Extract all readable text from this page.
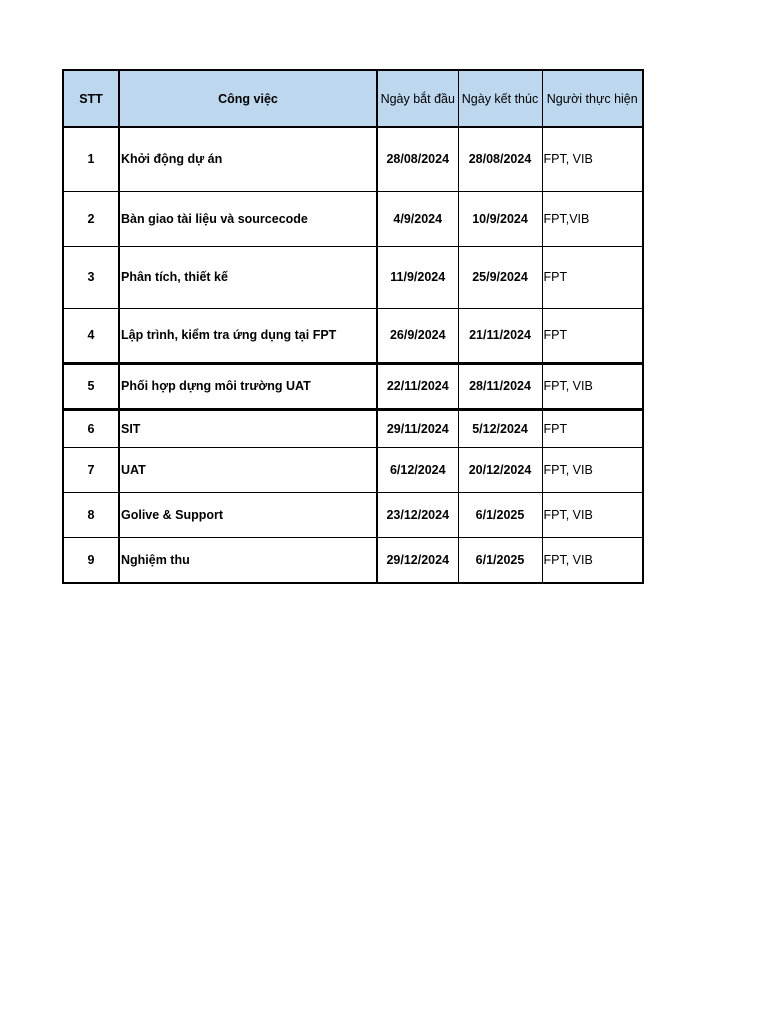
STT	Công việc	Ngày bắt đầu	Ngày kết thúc	Người thực hiện
1	Khởi động dự án	28/08/2024	28/08/2024	FPT, VIB
2	Bàn giao tài liệu và sourcecode	4/9/2024	10/9/2024	FPT,VIB
3	Phân tích, thiết kế	11/9/2024	25/9/2024	FPT
4	Lập trình, kiểm tra ứng dụng tại FPT	26/9/2024	21/11/2024	FPT
5	Phối hợp dựng môi trường UAT	22/11/2024	28/11/2024	FPT, VIB
6	SIT	29/11/2024	5/12/2024	FPT
7	UAT	6/12/2024	20/12/2024	FPT, VIB
8	Golive & Support	23/12/2024	6/1/2025	FPT, VIB
9	Nghiệm thu	29/12/2024	6/1/2025	FPT, VIB
